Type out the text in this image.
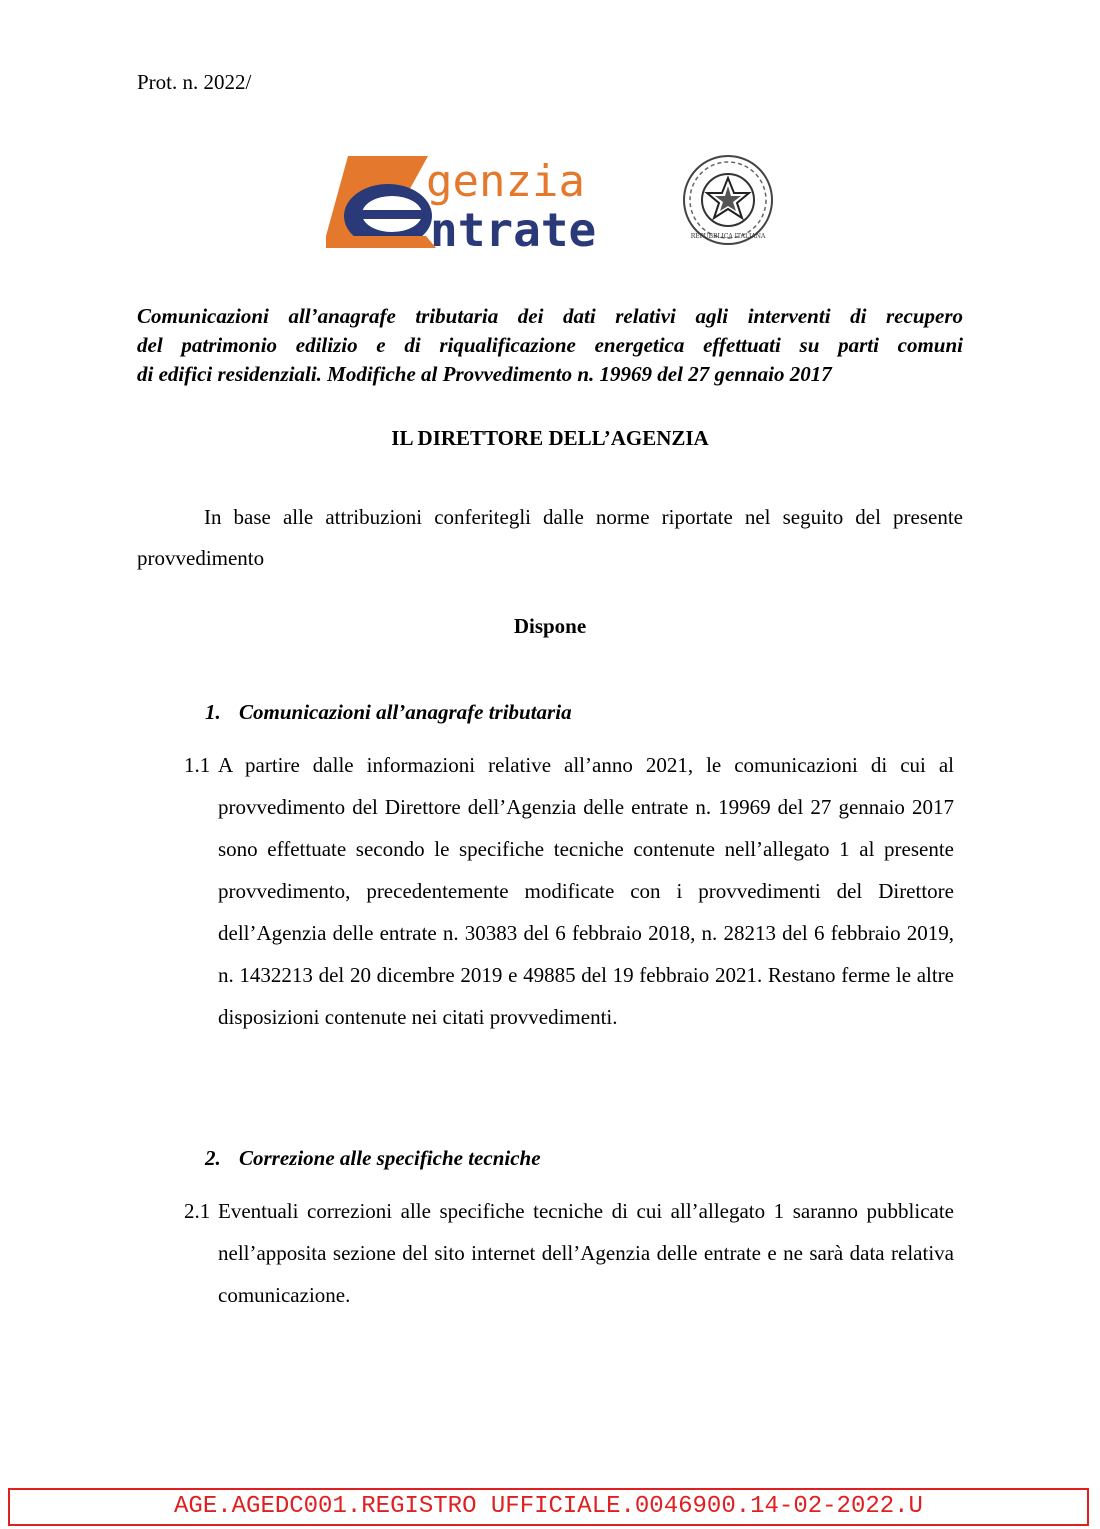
Prot. n. 2022/
genzia
ntrate	REPUBBLICA ITALIANA
Comunicazioni all’anagrafe tributaria dei dati relativi agli interventi di recupero
del patrimonio edilizio e di riqualificazione energetica effettuati su parti comuni
di edifici residenziali. Modifiche al Provvedimento n. 19969 del 27 gennaio 2017
IL DIRETTORE DELL’AGENZIA
In base alle attribuzioni conferitegli dalle norme riportate nel seguito del presente provvedimento
Dispone
1. Comunicazioni all’anagrafe tributaria
1.1 A partire dalle informazioni relative all’anno 2021, le comunicazioni di cui al provvedimento del Direttore dell’Agenzia delle entrate n. 19969 del 27 gennaio 2017 sono effettuate secondo le specifiche tecniche contenute nell’allegato 1 al presente provvedimento, precedentemente modificate con i provvedimenti del Direttore dell’Agenzia delle entrate n. 30383 del 6 febbraio 2018, n. 28213 del 6 febbraio 2019, n. 1432213 del 20 dicembre 2019 e 49885 del 19 febbraio 2021. Restano ferme le altre disposizioni contenute nei citati provvedimenti.
2. Correzione alle specifiche tecniche
2.1 Eventuali correzioni alle specifiche tecniche di cui all’allegato 1 saranno pubblicate nell’apposita sezione del sito internet dell’Agenzia delle entrate e ne sarà data relativa comunicazione.
AGE.AGEDC001.REGISTRO UFFICIALE.0046900.14-02-2022.U
